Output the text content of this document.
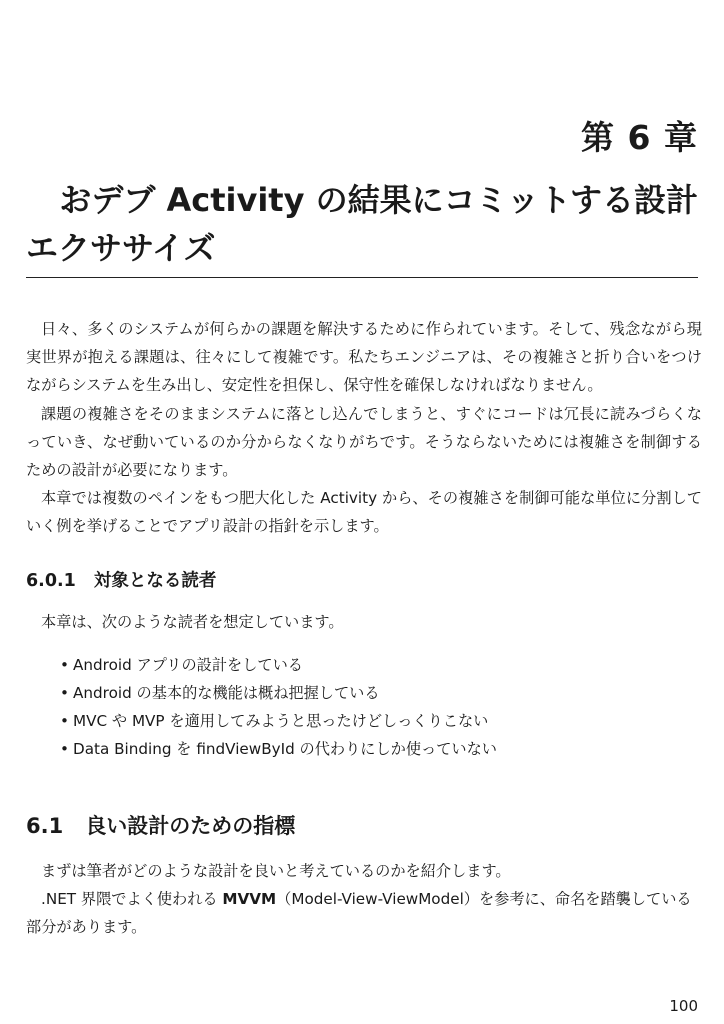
第 6 章
おデブ Activity の結果にコミットする設計
エクササイズ

日々、多くのシステムが何らかの課題を解決するために作られています。そして、残念ながら現実世界が抱える課題は、往々にして複雑です。私たちエンジニアは、その複雑さと折り合いをつけながらシステムを生み出し、安定性を担保し、保守性を確保しなければなりません。

課題の複雑さをそのままシステムに落とし込んでしまうと、すぐにコードは冗長に読みづらくなっていき、なぜ動いているのか分からなくなりがちです。そうならないためには複雑さを制御するための設計が必要になります。

本章では複数のペインをもつ肥大化した Activity から、その複雑さを制御可能な単位に分割していく例を挙げることでアプリ設計の指針を示します。

6.0.1 対象となる読者

本章は、次のような読者を想定しています。

• Android アプリの設計をしている
• Android の基本的な機能は概ね把握している
• MVC や MVP を適用してみようと思ったけどしっくりこない
• Data Binding を findViewById の代わりにしか使っていない
6.1 良い設計のための指標

まずは筆者がどのような設計を良いと考えているのかを紹介します。

.NET 界隈でよく使われる MVVM（Model-View-ViewModel）を参考に、命名を踏襲している部分があります。

100
